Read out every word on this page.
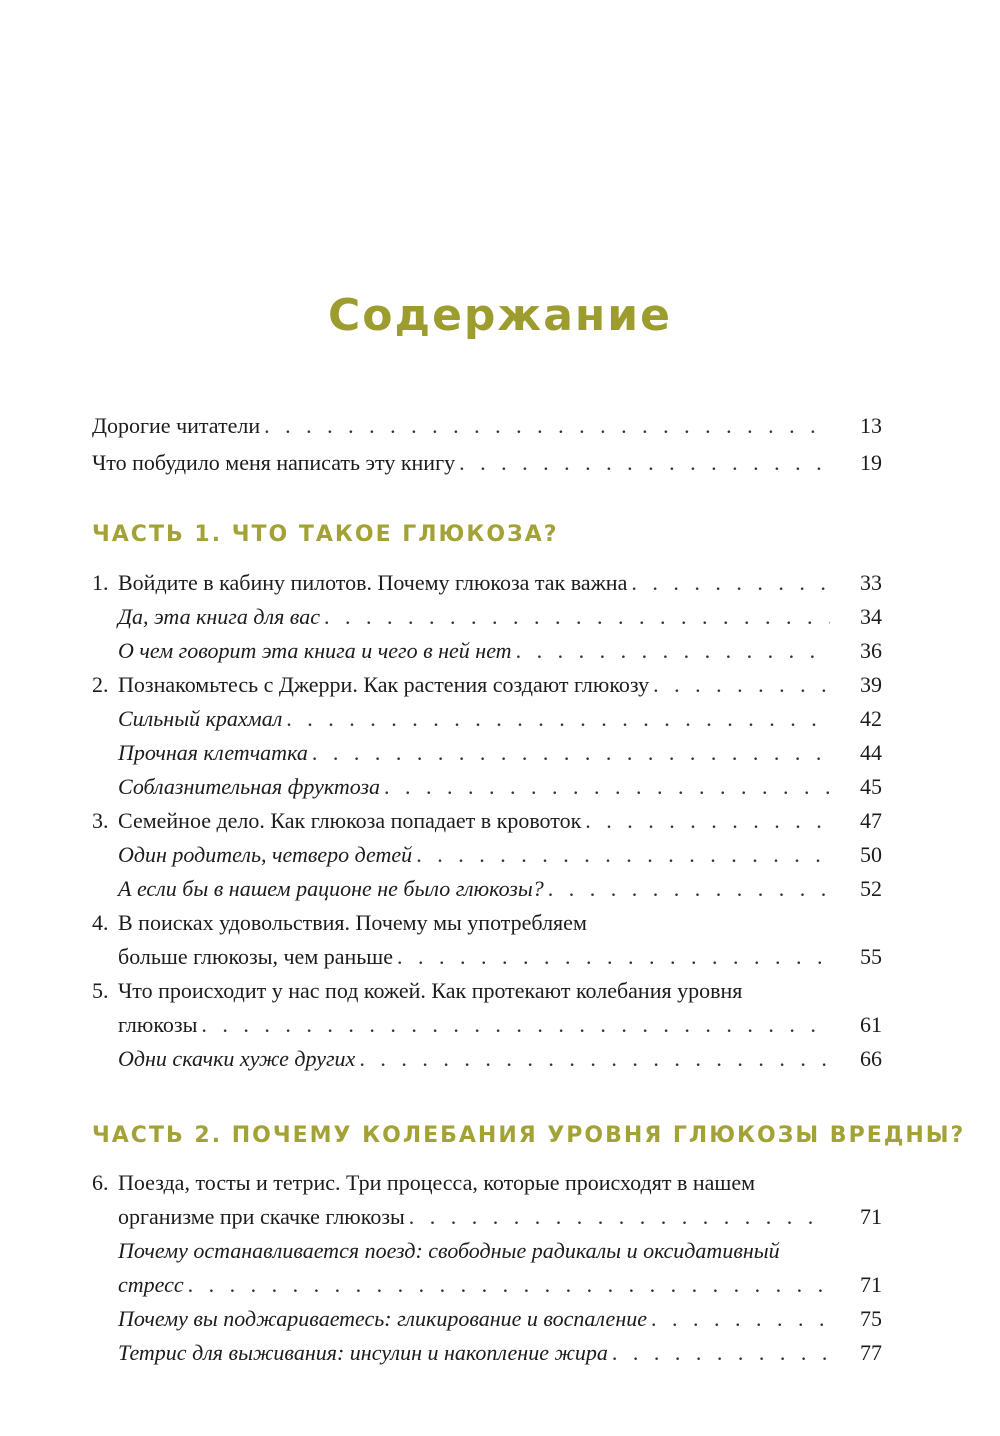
Содержание
Дорогие читатели . . .	13
Что побудило меня написать эту книгу . . .	19
ЧАСТЬ 1. ЧТО ТАКОЕ ГЛЮКОЗА?
1. Войдите в кабину пилотов. Почему глюкоза так важна . . .	33
Да, эта книга для вас . . .	34
О чем говорит эта книга и чего в ней нет . . .	36
2. Познакомьтесь с Джерри. Как растения создают глюкозу . . .	39
Сильный крахмал . . .	42
Прочная клетчатка . . .	44
Соблазнительная фруктоза . . .	45
3. Семейное дело. Как глюкоза попадает в кровоток . . .	47
Один родитель, четверо детей . . .	50
А если бы в нашем рационе не было глюкозы? . . .	52
4. В поисках удовольствия. Почему мы употребляем
больше глюкозы, чем раньше . . .	55
5. Что происходит у нас под кожей. Как протекают колебания уровня
глюкозы . . .	61
Одни скачки хуже других . . .	66
ЧАСТЬ 2. ПОЧЕМУ КОЛЕБАНИЯ УРОВНЯ ГЛЮКОЗЫ ВРЕДНЫ?
6. Поезда, тосты и тетрис. Три процесса, которые происходят в нашем
организме при скачке глюкозы . . .	71
Почему останавливается поезд: свободные радикалы и оксидативный
стресс . . .	71
Почему вы поджариваетесь: гликирование и воспаление . . .	75
Тетрис для выживания: инсулин и накопление жира . . .	77
